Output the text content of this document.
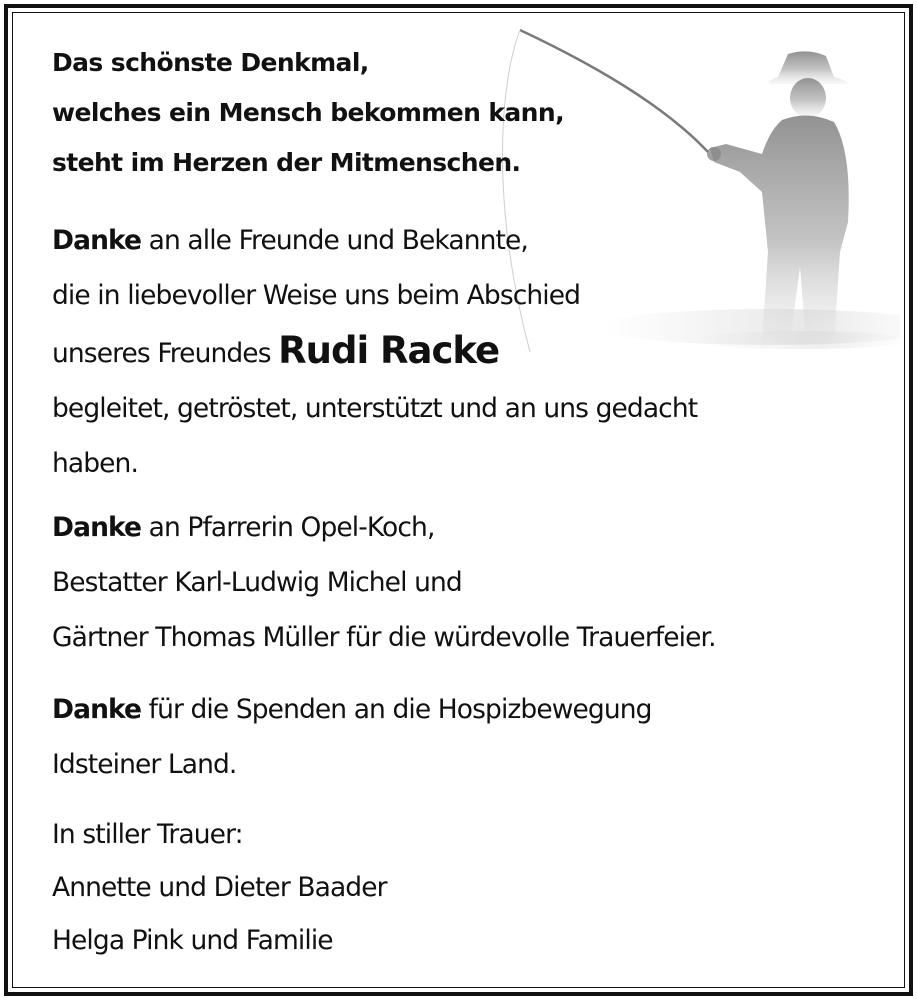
Das schönste Denkmal,
welches ein Mensch bekommen kann,
steht im Herzen der Mitmenschen.
Danke an alle Freunde und Bekannte,
die in liebevoller Weise uns beim Abschied
unseres Freundes Rudi Racke
begleitet, getröstet, unterstützt und an uns gedacht
haben.
Danke an Pfarrerin Opel-Koch,
Bestatter Karl-Ludwig Michel und
Gärtner Thomas Müller für die würdevolle Trauerfeier.
Danke für die Spenden an die Hospizbewegung
Idsteiner Land.
In stiller Trauer:
Annette und Dieter Baader
Helga Pink und Familie
